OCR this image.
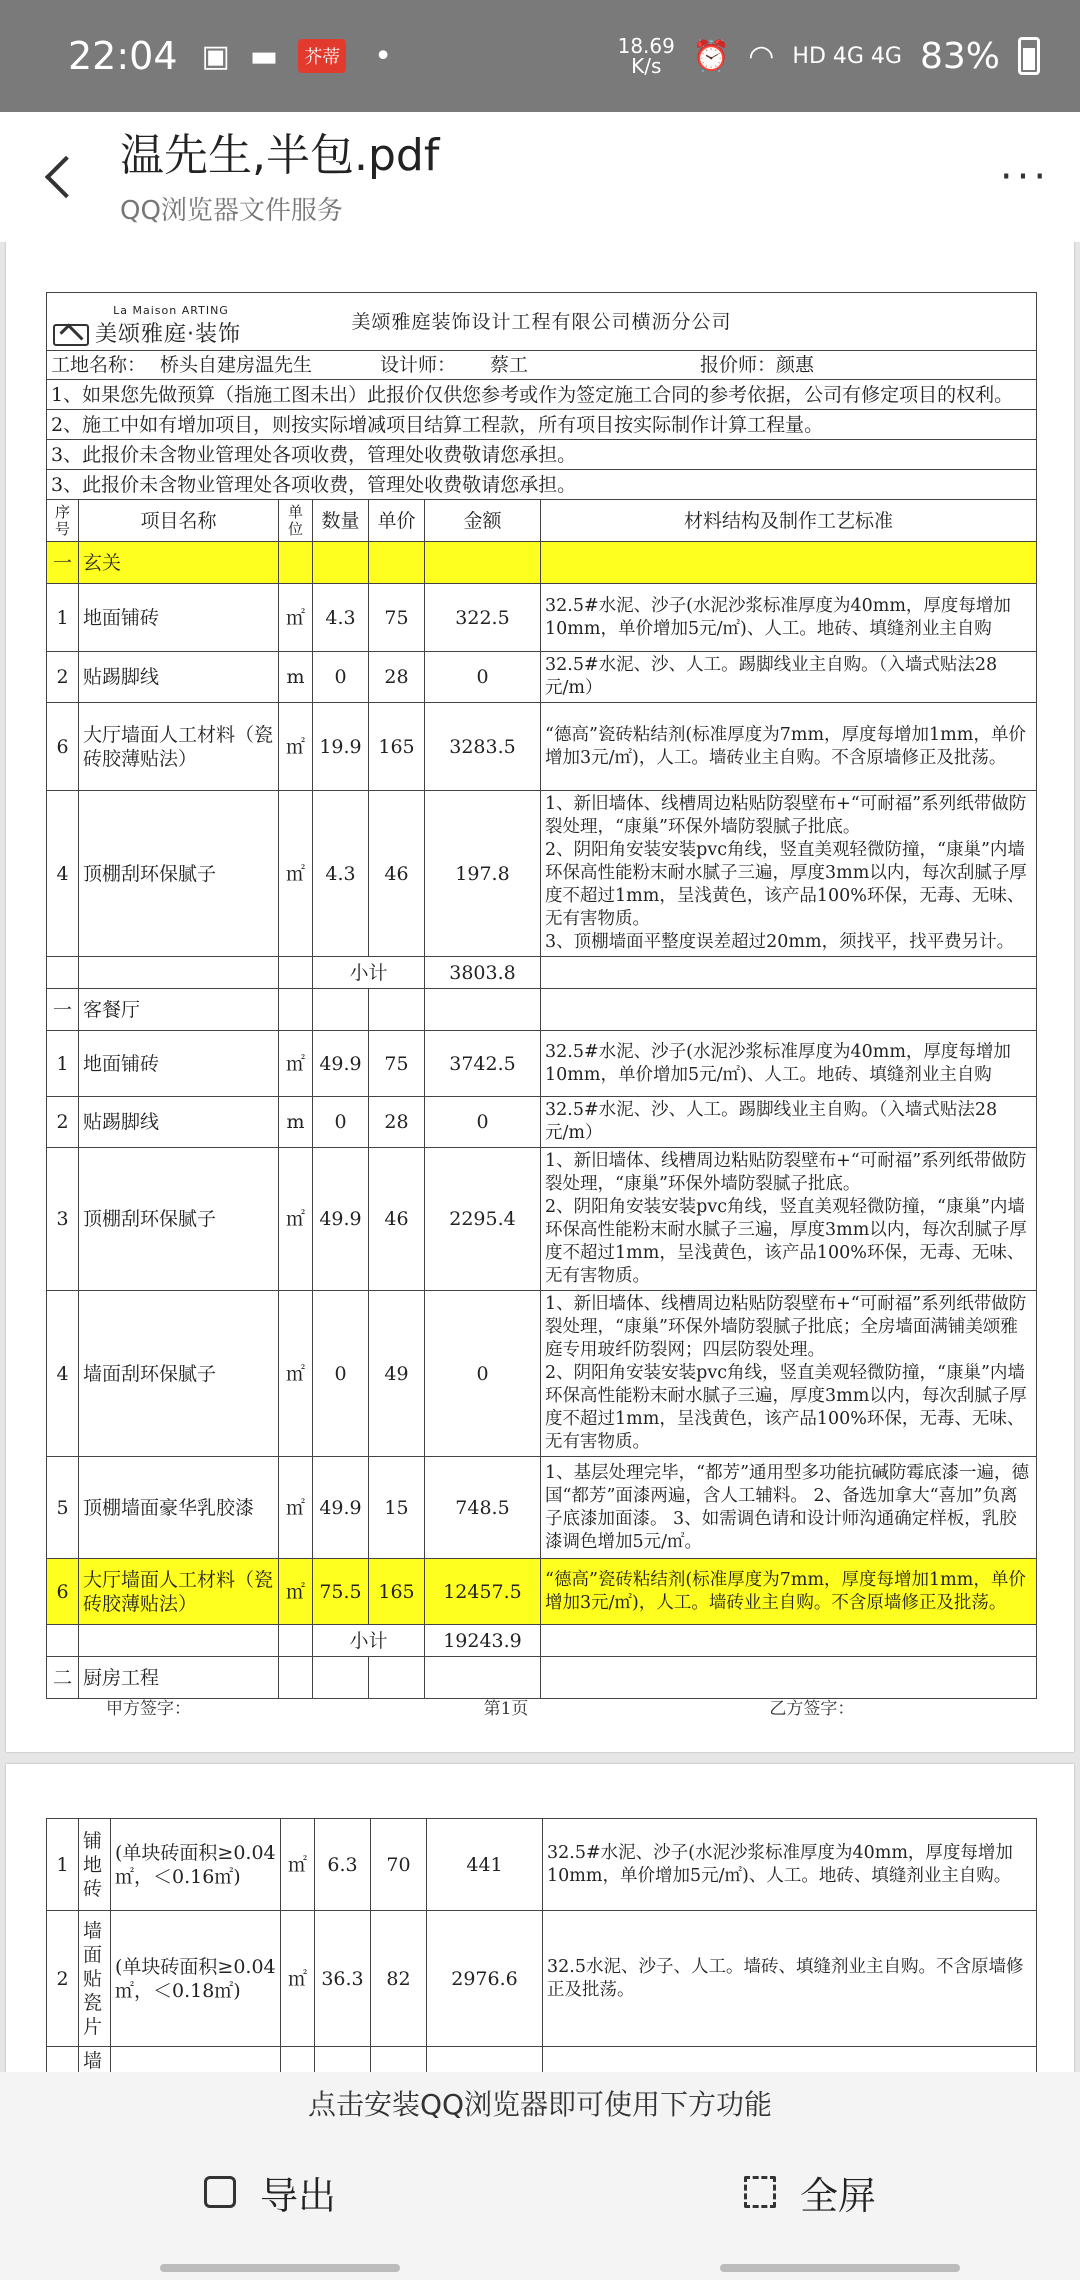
22:04 ▣ ▬	芥蒂 •	18.69
K/s	⏰ ◠ HD 4G 4G 83%
温先生,半包.pdf
QQ浏览器文件服务
···
La Maison ARTING
美颂雅庭·装饰
美颂雅庭装饰设计工程有限公司横沥分公司						
工地名称： 桥头自建房温先生 设计师： 蔡工 报价师：颜惠						
1、如果您先做预算（指施工图未出）此报价仅供您参考或作为签定施工合同的参考依据，公司有修定项目的权利。						
2、施工中如有增加项目，则按实际增减项目结算工程款，所有项目按实际制作计算工程量。						
3、此报价未含物业管理处各项收费，管理处收费敬请您承担。						
3、此报价未含物业管理处各项收费，管理处收费敬请您承担。						
序号	项目名称	单位	数量	单价	金额	材料结构及制作工艺标准
一	玄关					
1	地面铺砖	㎡	4.3	75	322.5	32.5#水泥、沙子(水泥沙浆标准厚度为40mm，厚度每增加10mm，单价增加5元/㎡)、人工。地砖、填缝剂业主自购
2	贴踢脚线	m	0	28	0	32.5#水泥、沙、人工。踢脚线业主自购。（入墙式贴法28元/m）
6	大厅墙面人工材料（瓷砖胶薄贴法）	㎡	19.9	165	3283.5	“德高”瓷砖粘结剂(标准厚度为7mm，厚度每增加1mm，单价增加3元/㎡)，人工。墙砖业主自购。不含原墙修正及批荡。
4	顶棚刮环保腻子	㎡	4.3	46	197.8	1、新旧墙体、线槽周边粘贴防裂壁布+“可耐福”系列纸带做防裂处理，“康巢”环保外墙防裂腻子批底。
2、阴阳角安装安装pvc角线，竖直美观轻微防撞，“康巢”内墙环保高性能粉末耐水腻子三遍，厚度3mm以内，每次刮腻子厚度不超过1mm，呈浅黄色，该产品100%环保，无毒、无味、无有害物质。
3、顶棚墙面平整度误差超过20mm，须找平，找平费另计。
			小计		3803.8	
一	客餐厅					
1	地面铺砖	㎡	49.9	75	3742.5	32.5#水泥、沙子(水泥沙浆标准厚度为40mm，厚度每增加10mm，单价增加5元/㎡)、人工。地砖、填缝剂业主自购
2	贴踢脚线	m	0	28	0	32.5#水泥、沙、人工。踢脚线业主自购。（入墙式贴法28元/m）
3	顶棚刮环保腻子	㎡	49.9	46	2295.4	1、新旧墙体、线槽周边粘贴防裂壁布+“可耐福”系列纸带做防裂处理，“康巢”环保外墙防裂腻子批底。
2、阴阳角安装安装pvc角线，竖直美观轻微防撞，“康巢”内墙环保高性能粉末耐水腻子三遍，厚度3mm以内，每次刮腻子厚度不超过1mm，呈浅黄色，该产品100%环保，无毒、无味、无有害物质。
4	墙面刮环保腻子	㎡	0	49	0	1、新旧墙体、线槽周边粘贴防裂壁布+“可耐福”系列纸带做防裂处理，“康巢”环保外墙防裂腻子批底；全房墙面满铺美颂雅庭专用玻纤防裂网；四层防裂处理。
2、阴阳角安装安装pvc角线，竖直美观轻微防撞，“康巢”内墙环保高性能粉末耐水腻子三遍，厚度3mm以内，每次刮腻子厚度不超过1mm，呈浅黄色，该产品100%环保，无毒、无味、无有害物质。
5	顶棚墙面豪华乳胶漆	㎡	49.9	15	748.5	1、基层处理完毕，“都芳”通用型多功能抗碱防霉底漆一遍，德国“都芳”面漆两遍，含人工辅料。 2、备选加拿大“喜加”负离子底漆加面漆。 3、如需调色请和设计师沟通确定样板，乳胶漆调色增加5元/㎡。
6	大厅墙面人工材料（瓷砖胶薄贴法）	㎡	75.5	165	12457.5	“德高”瓷砖粘结剂(标准厚度为7mm，厚度每增加1mm，单价增加3元/㎡)，人工。墙砖业主自购。不含原墙修正及批荡。
			小计		19243.9	
二	厨房工程					
甲方签字：	第1页	乙方签字：
1	铺地砖	(单块砖面积≥0.04㎡，＜0.16㎡)	㎡	6.3	70	441	32.5#水泥、沙子(水泥沙浆标准厚度为40mm，厚度每增加10mm，单价增加5元/㎡)、人工。地砖、填缝剂业主自购。
2	墙面贴瓷片	(单块砖面积≥0.04㎡，＜0.18㎡)	㎡	36.3	82	2976.6	32.5水泥、沙子、人工。墙砖、填缝剂业主自购。不含原墙修正及批荡。
	墙						
点击安装QQ浏览器即可使用下方功能
导出	全屏
